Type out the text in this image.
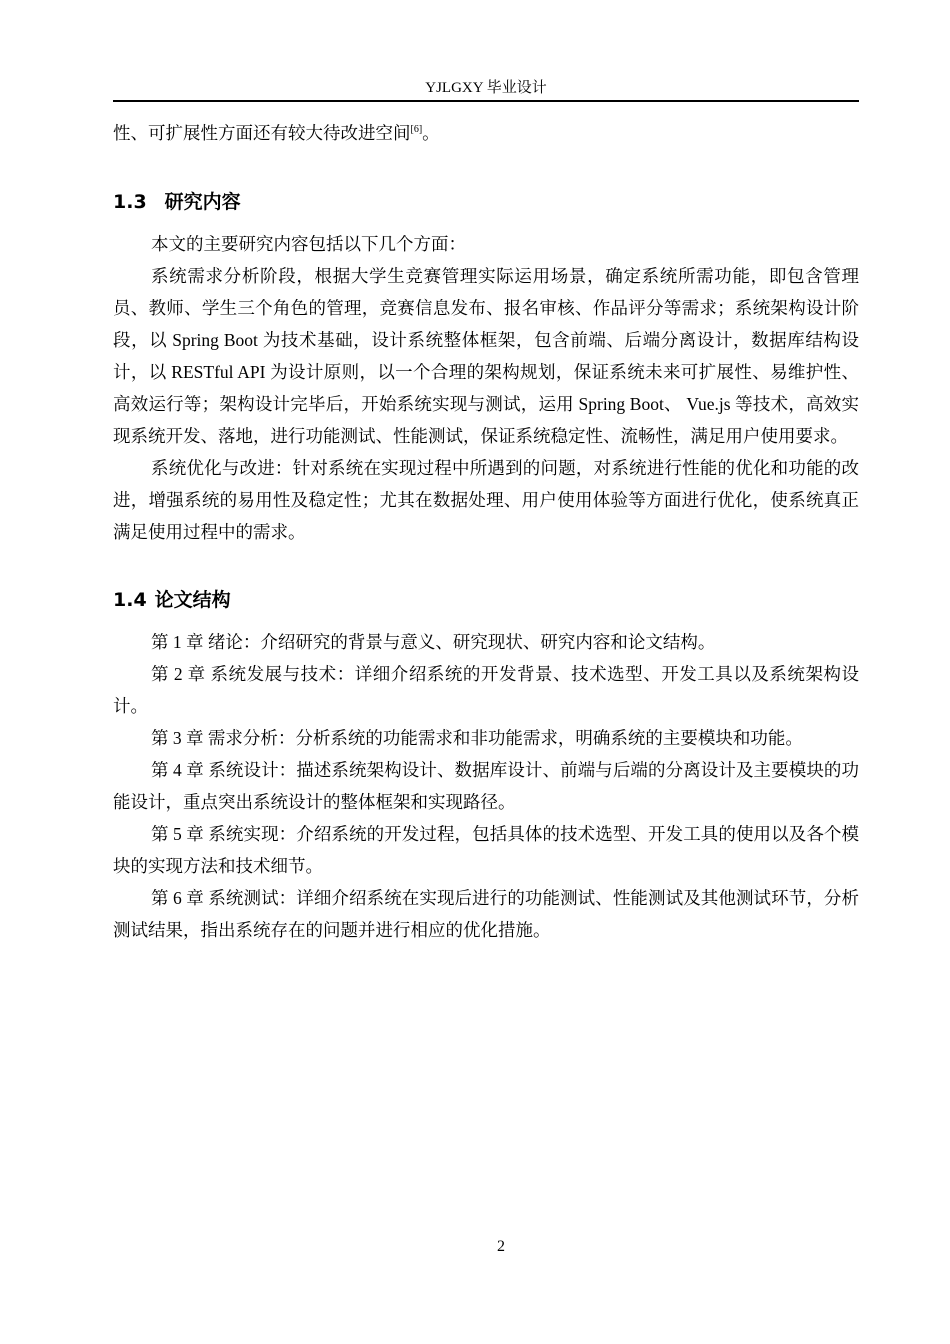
YJLGXY 毕业设计

性、可扩展性方面还有较大待改进空间[6]。

1.3 研究内容

本文的主要研究内容包括以下几个方面：

系统需求分析阶段，根据大学生竞赛管理实际运用场景，确定系统所需功能，即包含管理员、教师、学生三个角色的管理，竞赛信息发布、报名审核、作品评分等需求；系统架构设计阶段，以 Spring Boot 为技术基础，设计系统整体框架，包含前端、后端分离设计，数据库结构设计，以 RESTful API 为设计原则，以一个合理的架构规划，保证系统未来可扩展性、易维护性、高效运行等；架构设计完毕后，开始系统实现与测试，运用 Spring Boot、 Vue.js 等技术，高效实现系统开发、落地，进行功能测试、性能测试，保证系统稳定性、流畅性，满足用户使用要求。

系统优化与改进：针对系统在实现过程中所遇到的问题，对系统进行性能的优化和功能的改进，增强系统的易用性及稳定性；尤其在数据处理、用户使用体验等方面进行优化，使系统真正满足使用过程中的需求。

1.4 论文结构

第 1 章 绪论：介绍研究的背景与意义、研究现状、研究内容和论文结构。

第 2 章 系统发展与技术：详细介绍系统的开发背景、技术选型、开发工具以及系统架构设计。

第 3 章 需求分析：分析系统的功能需求和非功能需求，明确系统的主要模块和功能。

第 4 章 系统设计：描述系统架构设计、数据库设计、前端与后端的分离设计及主要模块的功能设计，重点突出系统设计的整体框架和实现路径。

第 5 章 系统实现：介绍系统的开发过程，包括具体的技术选型、开发工具的使用以及各个模块的实现方法和技术细节。

第 6 章 系统测试：详细介绍系统在实现后进行的功能测试、性能测试及其他测试环节，分析测试结果，指出系统存在的问题并进行相应的优化措施。

2
